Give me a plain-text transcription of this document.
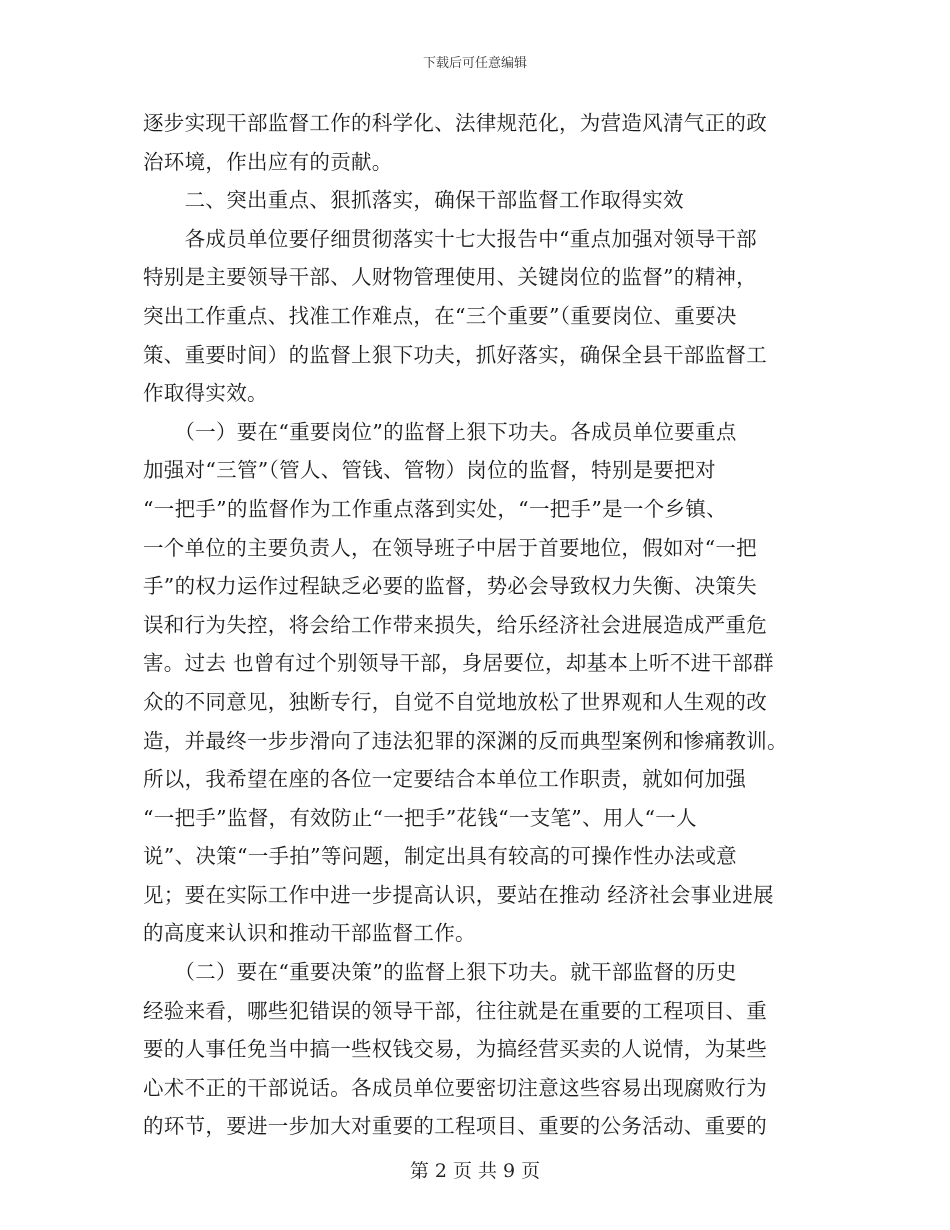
下载后可任意编辑
逐步实现干部监督工作的科学化、法律规范化，为营造风清气正的政
治环境，作出应有的贡献。
　　二、突出重点、狠抓落实，确保干部监督工作取得实效
　　各成员单位要仔细贯彻落实十七大报告中“重点加强对领导干部
特别是主要领导干部、人财物管理使用、关键岗位的监督”的精神，
突出工作重点、找准工作难点，在“三个重要”（重要岗位、重要决
策、重要时间）的监督上狠下功夫，抓好落实，确保全县干部监督工
作取得实效。
　　（一）要在“重要岗位”的监督上狠下功夫。各成员单位要重点
加强对“三管”（管人、管钱、管物）岗位的监督，特别是要把对
“一把手”的监督作为工作重点落到实处，“一把手”是一个乡镇、
一个单位的主要负责人，在领导班子中居于首要地位，假如对“一把
手”的权力运作过程缺乏必要的监督，势必会导致权力失衡、决策失
误和行为失控，将会给工作带来损失，给乐经济社会进展造成严重危
害。过去 也曾有过个别领导干部，身居要位，却基本上听不进干部群
众的不同意见，独断专行，自觉不自觉地放松了世界观和人生观的改
造，并最终一步步滑向了违法犯罪的深渊的反而典型案例和惨痛教训。
所以，我希望在座的各位一定要结合本单位工作职责，就如何加强
“一把手”监督，有效防止“一把手”花钱“一支笔”、用人“一人
说”、决策“一手拍”等问题，制定出具有较高的可操作性办法或意
见；要在实际工作中进一步提高认识，要站在推动 经济社会事业进展
的高度来认识和推动干部监督工作。
　　（二）要在“重要决策”的监督上狠下功夫。就干部监督的历史
经验来看，哪些犯错误的领导干部，往往就是在重要的工程项目、重
要的人事任免当中搞一些权钱交易，为搞经营买卖的人说情，为某些
心术不正的干部说话。各成员单位要密切注意这些容易出现腐败行为
的环节，要进一步加大对重要的工程项目、重要的公务活动、重要的
第 2 页 共 9 页
